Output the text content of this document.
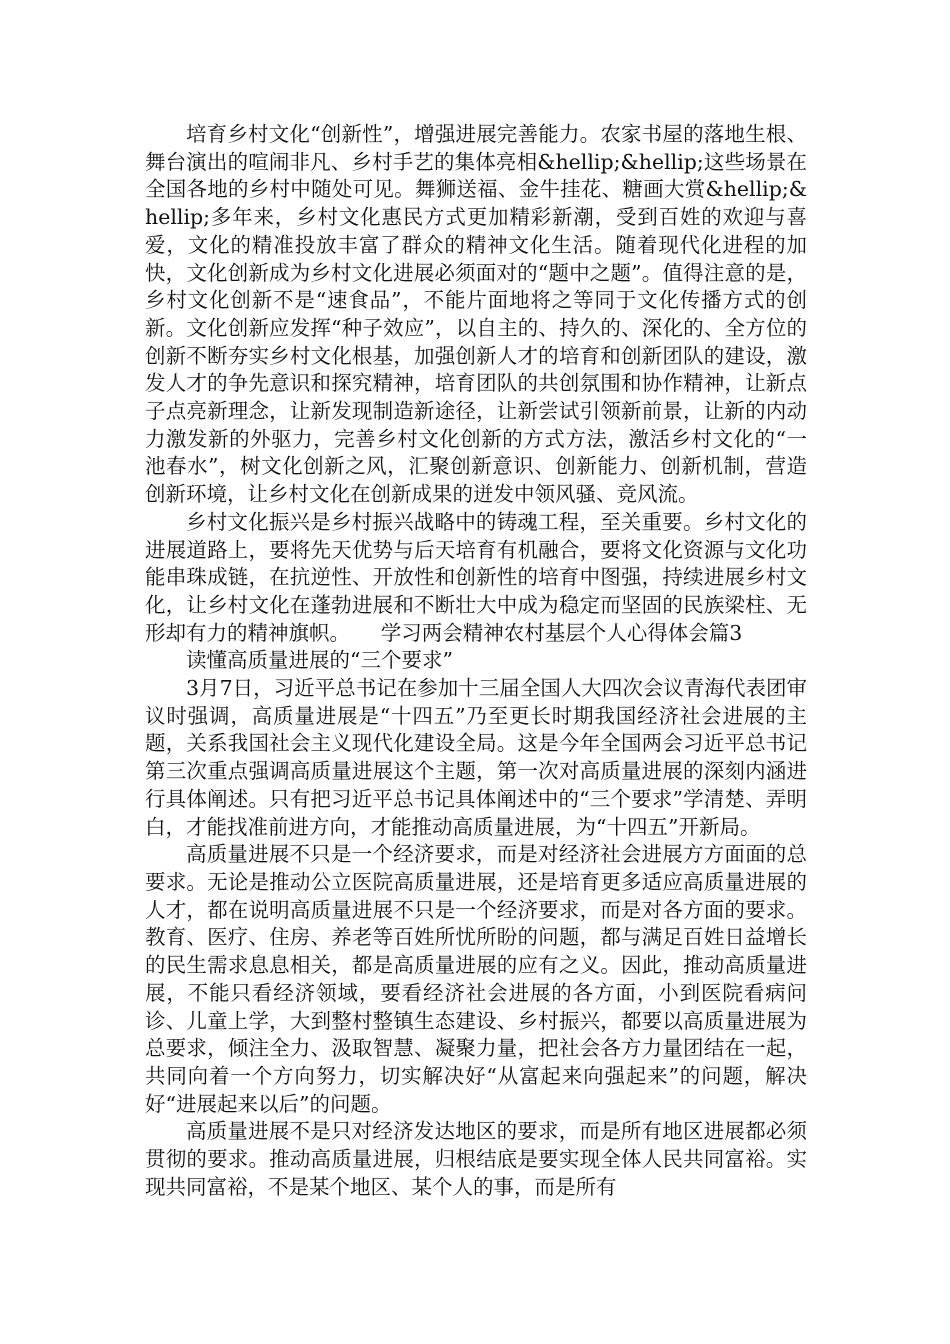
培育乡村文化“创新性”，增强进展完善能力。农家书屋的落地生根、舞台演出的喧闹非凡、乡村手艺的集体亮相&hellip;&hellip;这些场景在全国各地的乡村中随处可见。舞狮送福、金牛挂花、糖画大赏&hellip;&hellip;多年来，乡村文化惠民方式更加精彩新潮，受到百姓的欢迎与喜爱，文化的精准投放丰富了群众的精神文化生活。随着现代化进程的加快，文化创新成为乡村文化进展必须面对的“题中之题”。值得注意的是，乡村文化创新不是“速食品”，不能片面地将之等同于文化传播方式的创新。文化创新应发挥“种子效应”，以自主的、持久的、深化的、全方位的创新不断夯实乡村文化根基，加强创新人才的培育和创新团队的建设，激发人才的争先意识和探究精神，培育团队的共创氛围和协作精神，让新点子点亮新理念，让新发现制造新途径，让新尝试引领新前景，让新的内动力激发新的外驱力，完善乡村文化创新的方式方法，激活乡村文化的“一池春水”，树文化创新之风，汇聚创新意识、创新能力、创新机制，营造创新环境，让乡村文化在创新成果的迸发中领风骚、竞风流。

乡村文化振兴是乡村振兴战略中的铸魂工程，至关重要。乡村文化的进展道路上，要将先天优势与后天培育有机融合，要将文化资源与文化功能串珠成链，在抗逆性、开放性和创新性的培育中图强，持续进展乡村文化，让乡村文化在蓬勃进展和不断壮大中成为稳定而坚固的民族梁柱、无形却有力的精神旗帜。 学习两会精神农村基层个人心得体会篇3

读懂高质量进展的“三个要求”

3月7日，习近平总书记在参加十三届全国人大四次会议青海代表团审议时强调，高质量进展是“十四五”乃至更长时期我国经济社会进展的主题，关系我国社会主义现代化建设全局。这是今年全国两会习近平总书记第三次重点强调高质量进展这个主题，第一次对高质量进展的深刻内涵进行具体阐述。只有把习近平总书记具体阐述中的“三个要求”学清楚、弄明白，才能找准前进方向，才能推动高质量进展，为“十四五”开新局。

高质量进展不只是一个经济要求，而是对经济社会进展方方面面的总要求。无论是推动公立医院高质量进展，还是培育更多适应高质量进展的人才，都在说明高质量进展不只是一个经济要求，而是对各方面的要求。教育、医疗、住房、养老等百姓所忧所盼的问题，都与满足百姓日益增长的民生需求息息相关，都是高质量进展的应有之义。因此，推动高质量进展，不能只看经济领域，要看经济社会进展的各方面，小到医院看病问诊、儿童上学，大到整村整镇生态建设、乡村振兴，都要以高质量进展为总要求，倾注全力、汲取智慧、凝聚力量，把社会各方力量团结在一起，共同向着一个方向努力，切实解决好“从富起来向强起来”的问题，解决好“进展起来以后”的问题。

高质量进展不是只对经济发达地区的要求，而是所有地区进展都必须贯彻的要求。推动高质量进展，归根结底是要实现全体人民共同富裕。实现共同富裕，不是某个地区、某个人的事，而是所有
